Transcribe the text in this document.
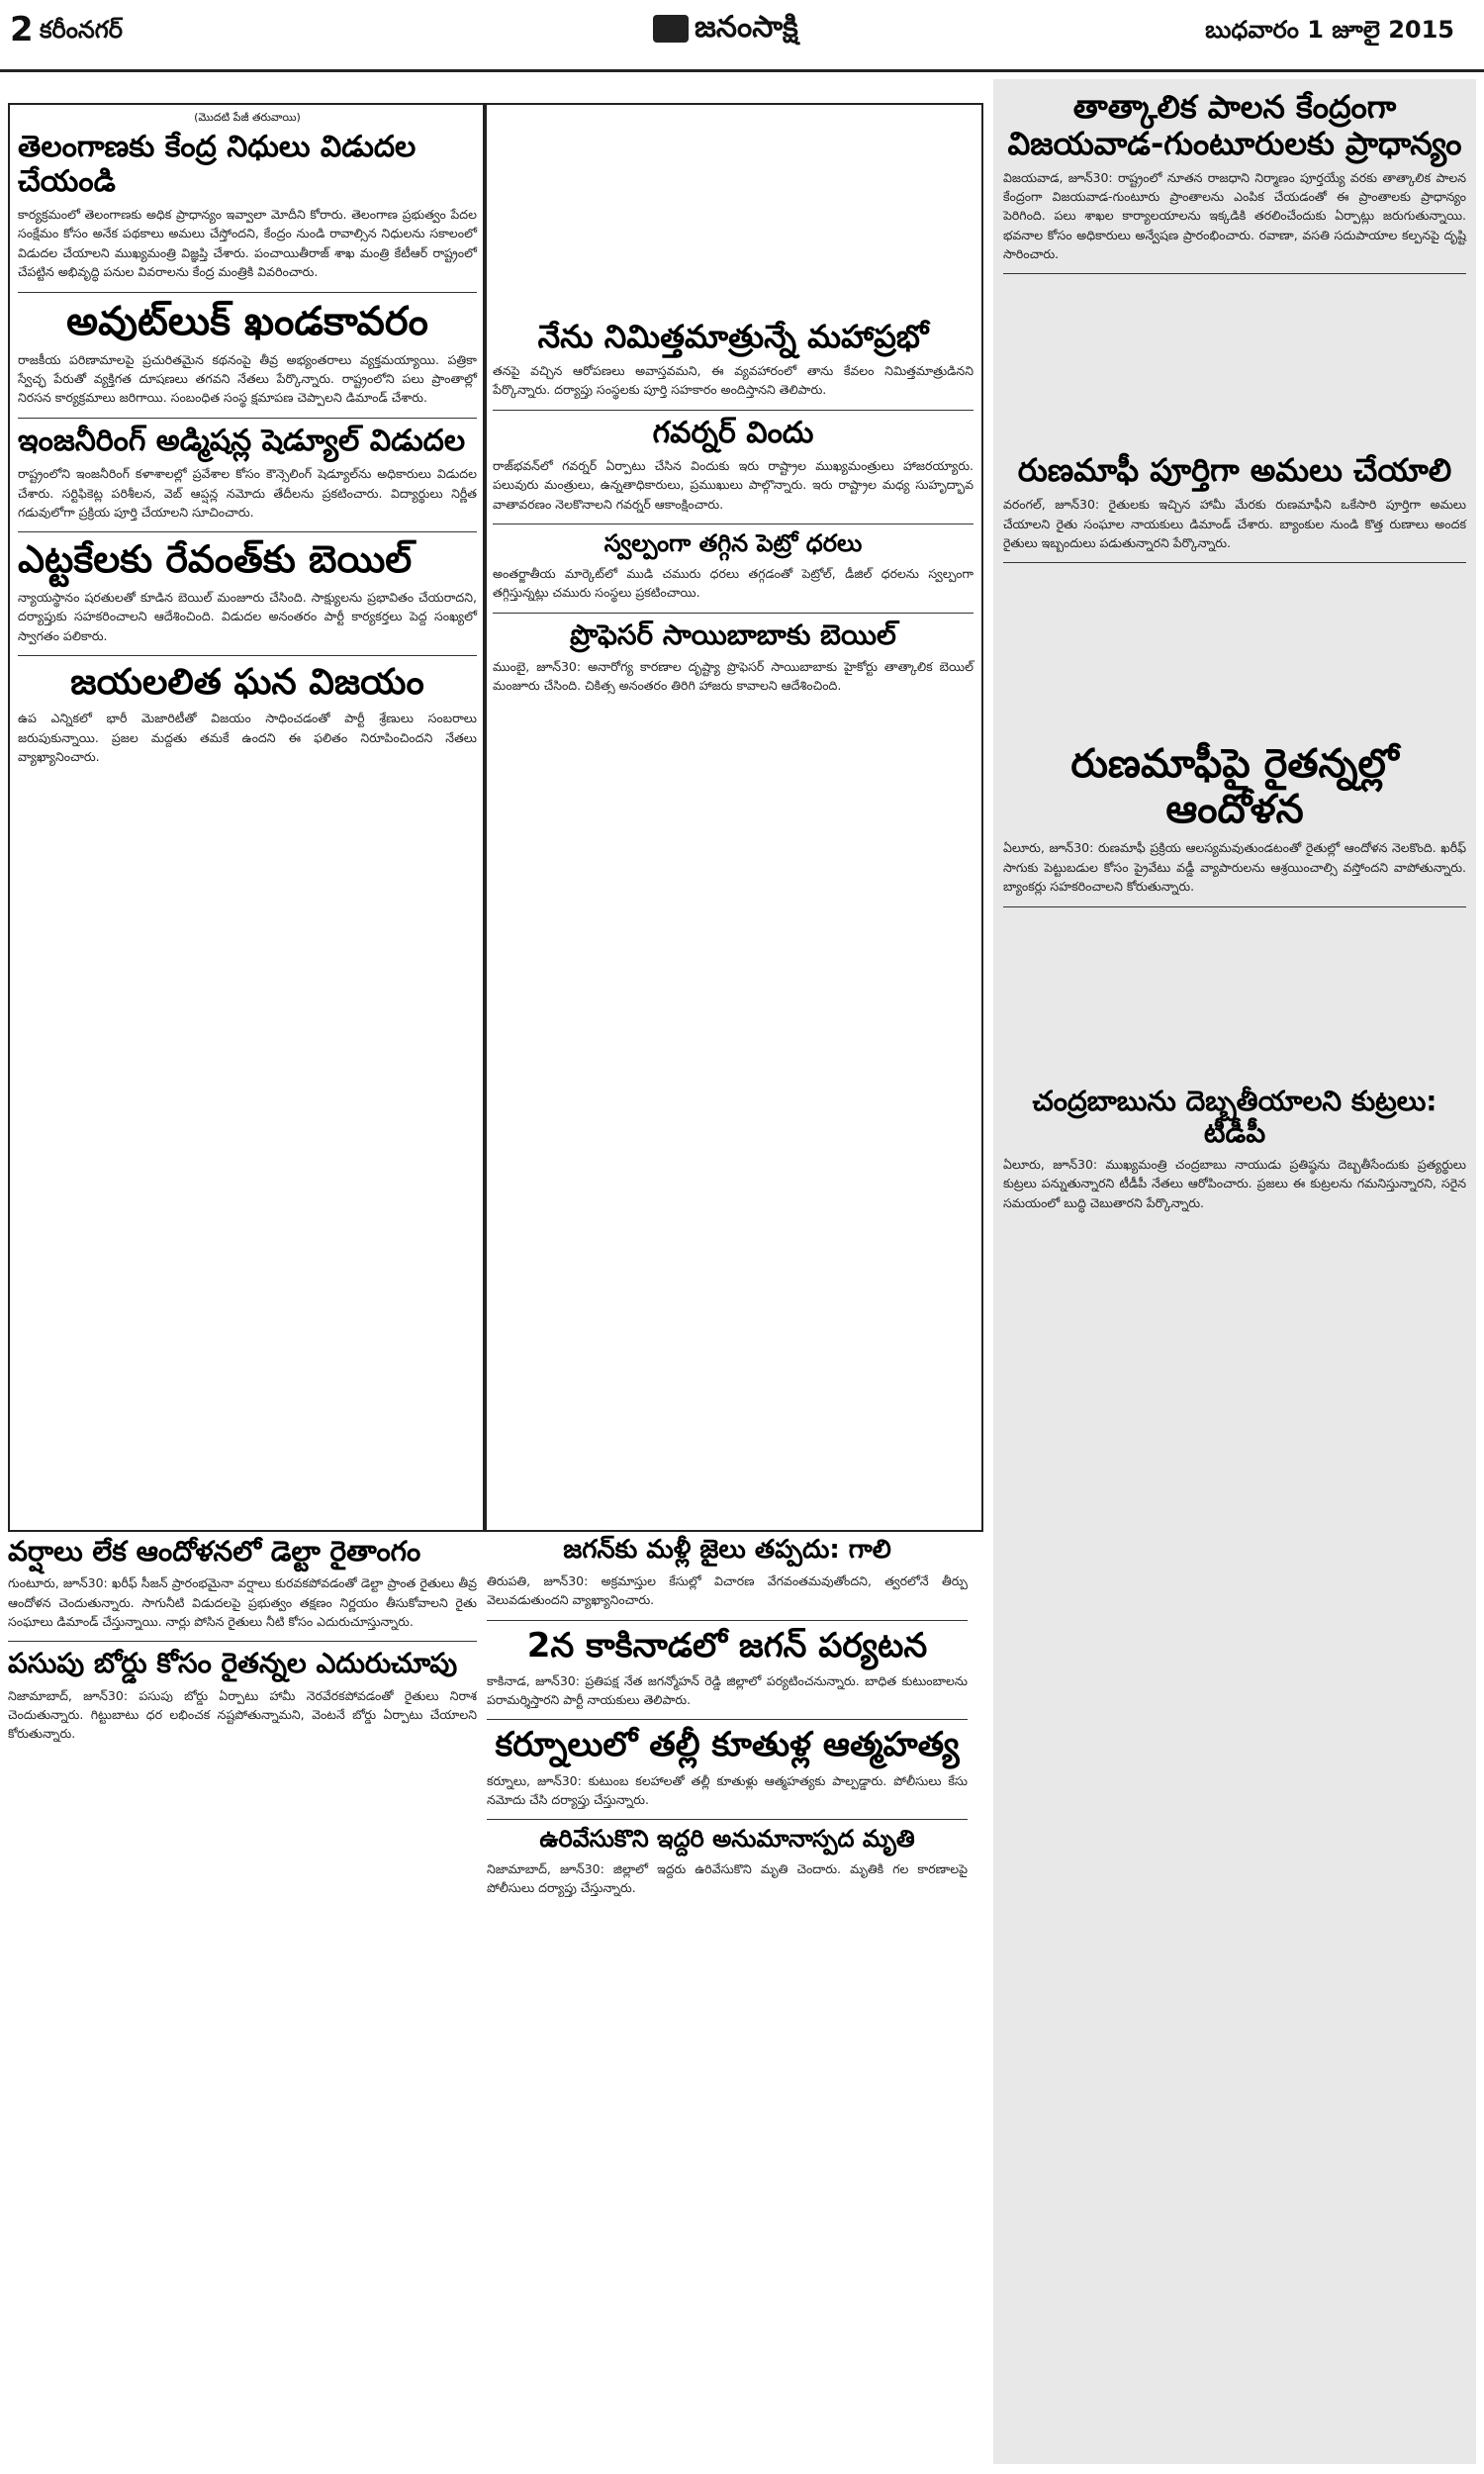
2 కరీంనగర్	జనంసాక్షి	బుధవారం 1 జూలై 2015
(మొదటి పేజీ తరువాయి)
తెలంగాణకు కేంద్ర నిధులు విడుదల చేయండి

కార్యక్రమంలో తెలంగాణకు అధిక ప్రాధాన్యం ఇవ్వాలా మోదీని కోరారు. తెలంగాణ ప్రభుత్వం పేదల సంక్షేమం కోసం అనేక పథకాలు అమలు చేస్తోందని, కేంద్రం నుండి రావాల్సిన నిధులను సకాలంలో విడుదల చేయాలని ముఖ్యమంత్రి విజ్ఞప్తి చేశారు. పంచాయితీరాజ్ శాఖ మంత్రి కేటీఆర్ రాష్ట్రంలో చేపట్టిన అభివృద్ధి పనుల వివరాలను కేంద్ర మంత్రికి వివరించారు.

అవుట్‌లుక్ ఖండకావరం

రాజకీయ పరిణామాలపై ప్రచురితమైన కథనంపై తీవ్ర అభ్యంతరాలు వ్యక్తమయ్యాయి. పత్రికా స్వేచ్ఛ పేరుతో వ్యక్తిగత దూషణలు తగవని నేతలు పేర్కొన్నారు. రాష్ట్రంలోని పలు ప్రాంతాల్లో నిరసన కార్యక్రమాలు జరిగాయి. సంబంధిత సంస్థ క్షమాపణ చెప్పాలని డిమాండ్ చేశారు.

ఇంజనీరింగ్ అడ్మిషన్ల షెడ్యూల్ విడుదల

రాష్ట్రంలోని ఇంజనీరింగ్ కళాశాలల్లో ప్రవేశాల కోసం కౌన్సెలింగ్ షెడ్యూల్‌ను అధికారులు విడుదల చేశారు. సర్టిఫికెట్ల పరిశీలన, వెబ్ ఆప్షన్ల నమోదు తేదీలను ప్రకటించారు. విద్యార్థులు నిర్ణీత గడువులోగా ప్రక్రియ పూర్తి చేయాలని సూచించారు.

ఎట్టకేలకు రేవంత్‌కు బెయిల్

న్యాయస్థానం షరతులతో కూడిన బెయిల్ మంజూరు చేసింది. సాక్ష్యులను ప్రభావితం చేయరాదని, దర్యాప్తుకు సహకరించాలని ఆదేశించింది. విడుదల అనంతరం పార్టీ కార్యకర్తలు పెద్ద సంఖ్యలో స్వాగతం పలికారు.

జయలలిత ఘన విజయం

ఉప ఎన్నికలో భారీ మెజారిటీతో విజయం సాధించడంతో పార్టీ శ్రేణులు సంబరాలు జరుపుకున్నాయి. ప్రజల మద్దతు తమకే ఉందని ఈ ఫలితం నిరూపించిందని నేతలు వ్యాఖ్యానించారు.

నేను నిమిత్తమాత్రున్నే మహాప్రభో

తనపై వచ్చిన ఆరోపణలు అవాస్తవమని, ఈ వ్యవహారంలో తాను కేవలం నిమిత్తమాత్రుడినని పేర్కొన్నారు. దర్యాప్తు సంస్థలకు పూర్తి సహకారం అందిస్తానని తెలిపారు.

గవర్నర్ విందు

రాజ్‌భవన్‌లో గవర్నర్ ఏర్పాటు చేసిన విందుకు ఇరు రాష్ట్రాల ముఖ్యమంత్రులు హాజరయ్యారు. పలువురు మంత్రులు, ఉన్నతాధికారులు, ప్రముఖులు పాల్గొన్నారు. ఇరు రాష్ట్రాల మధ్య సుహృద్భావ వాతావరణం నెలకొనాలని గవర్నర్ ఆకాంక్షించారు.

స్వల్పంగా తగ్గిన పెట్రో ధరలు

అంతర్జాతీయ మార్కెట్‌లో ముడి చమురు ధరలు తగ్గడంతో పెట్రోల్, డీజిల్ ధరలను స్వల్పంగా తగ్గిస్తున్నట్లు చమురు సంస్థలు ప్రకటించాయి.

ప్రొఫెసర్ సాయిబాబాకు బెయిల్

ముంబై, జూన్30: అనారోగ్య కారణాల దృష్ట్యా ప్రొఫెసర్ సాయిబాబాకు హైకోర్టు తాత్కాలిక బెయిల్ మంజూరు చేసింది. చికిత్స అనంతరం తిరిగి హాజరు కావాలని ఆదేశించింది.

వర్షాలు లేక ఆందోళనలో డెల్టా రైతాంగం

గుంటూరు, జూన్30: ఖరీఫ్ సీజన్ ప్రారంభమైనా వర్షాలు కురవకపోవడంతో డెల్టా ప్రాంత రైతులు తీవ్ర ఆందోళన చెందుతున్నారు. సాగునీటి విడుదలపై ప్రభుత్వం తక్షణం నిర్ణయం తీసుకోవాలని రైతు సంఘాలు డిమాండ్ చేస్తున్నాయి. నార్లు పోసిన రైతులు నీటి కోసం ఎదురుచూస్తున్నారు.

పసుపు బోర్డు కోసం రైతన్నల ఎదురుచూపు

నిజామాబాద్, జూన్30: పసుపు బోర్డు ఏర్పాటు హామీ నెరవేరకపోవడంతో రైతులు నిరాశ చెందుతున్నారు. గిట్టుబాటు ధర లభించక నష్టపోతున్నామని, వెంటనే బోర్డు ఏర్పాటు చేయాలని కోరుతున్నారు.

జగన్‌కు మళ్లీ జైలు తప్పదు: గాలి

తిరుపతి, జూన్30: అక్రమాస్తుల కేసుల్లో విచారణ వేగవంతమవుతోందని, త్వరలోనే తీర్పు వెలువడుతుందని వ్యాఖ్యానించారు.

2న కాకినాడలో జగన్ పర్యటన

కాకినాడ, జూన్30: ప్రతిపక్ష నేత జగన్మోహన్ రెడ్డి జిల్లాలో పర్యటించనున్నారు. బాధిత కుటుంబాలను పరామర్శిస్తారని పార్టీ నాయకులు తెలిపారు.

కర్నూలులో తల్లీ కూతుళ్ల ఆత్మహత్య

కర్నూలు, జూన్30: కుటుంబ కలహాలతో తల్లీ కూతుళ్లు ఆత్మహత్యకు పాల్పడ్డారు. పోలీసులు కేసు నమోదు చేసి దర్యాప్తు చేస్తున్నారు.

ఉరివేసుకొని ఇద్దరి అనుమానాస్పద మృతి

నిజామాబాద్, జూన్30: జిల్లాలో ఇద్దరు ఉరివేసుకొని మృతి చెందారు. మృతికి గల కారణాలపై పోలీసులు దర్యాప్తు చేస్తున్నారు.

తాత్కాలిక పాలన కేంద్రంగా విజయవాడ-గుంటూరులకు ప్రాధాన్యం

విజయవాడ, జూన్30: రాష్ట్రంలో నూతన రాజధాని నిర్మాణం పూర్తయ్యే వరకు తాత్కాలిక పాలన కేంద్రంగా విజయవాడ-గుంటూరు ప్రాంతాలను ఎంపిక చేయడంతో ఈ ప్రాంతాలకు ప్రాధాన్యం పెరిగింది. పలు శాఖల కార్యాలయాలను ఇక్కడికి తరలించేందుకు ఏర్పాట్లు జరుగుతున్నాయి. భవనాల కోసం అధికారులు అన్వేషణ ప్రారంభించారు. రవాణా, వసతి సదుపాయాల కల్పనపై దృష్టి సారించారు.

రుణమాఫీ పూర్తిగా అమలు చేయాలి

వరంగల్, జూన్30: రైతులకు ఇచ్చిన హామీ మేరకు రుణమాఫీని ఒకేసారి పూర్తిగా అమలు చేయాలని రైతు సంఘాల నాయకులు డిమాండ్ చేశారు. బ్యాంకుల నుండి కొత్త రుణాలు అందక రైతులు ఇబ్బందులు పడుతున్నారని పేర్కొన్నారు.

రుణమాఫీపై రైతన్నల్లో ఆందోళన

ఏలూరు, జూన్30: రుణమాఫీ ప్రక్రియ ఆలస్యమవుతుండటంతో రైతుల్లో ఆందోళన నెలకొంది. ఖరీఫ్ సాగుకు పెట్టుబడుల కోసం ప్రైవేటు వడ్డీ వ్యాపారులను ఆశ్రయించాల్సి వస్తోందని వాపోతున్నారు. బ్యాంకర్లు సహకరించాలని కోరుతున్నారు.

చంద్రబాబును దెబ్బతీయాలని కుట్రలు: టీడీపీ

ఏలూరు, జూన్30: ముఖ్యమంత్రి చంద్రబాబు నాయుడు ప్రతిష్ఠను దెబ్బతీసేందుకు ప్రత్యర్థులు కుట్రలు పన్నుతున్నారని టీడీపీ నేతలు ఆరోపించారు. ప్రజలు ఈ కుట్రలను గమనిస్తున్నారని, సరైన సమయంలో బుద్ధి చెబుతారని పేర్కొన్నారు.
